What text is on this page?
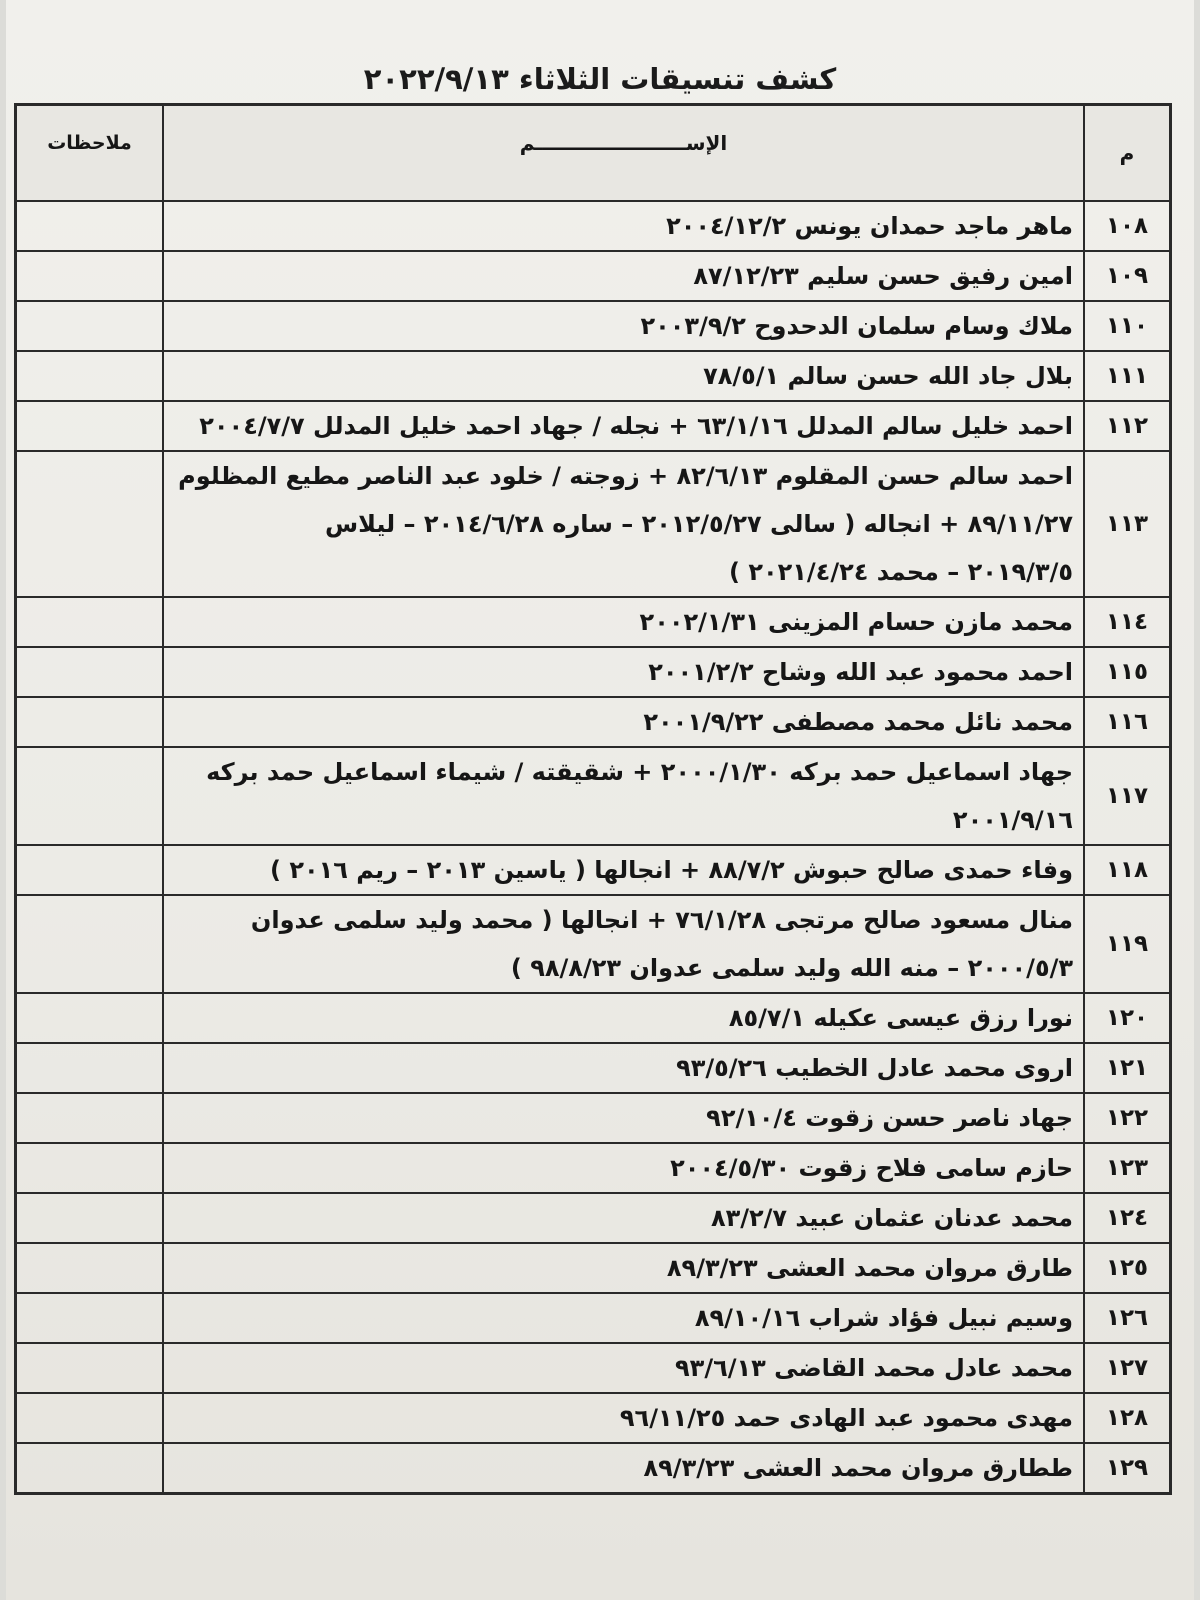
كشف تنسيقات الثلاثاء ٢٠٢٢/٩/١٣
م	الإســــــــــــــــــــــم	ملاحظات
١٠٨	ماهر ماجد حمدان يونس ٢٠٠٤/١٢/٢	

١٠٩	امين رفيق حسن سليم ٨٧/١٢/٢٣	

١١٠	ملاك وسام سلمان الدحدوح ٢٠٠٣/٩/٢	

١١١	بلال جاد الله حسن سالم ٧٨/٥/١	

١١٢	احمد خليل سالم المدلل ٦٣/١/١٦ + نجله / جهاد احمد خليل المدلل ٢٠٠٤/٧/٧	

١١٣	احمد سالم حسن المقلوم ٨٢/٦/١٣ + زوجته / خلود عبد الناصر مطيع المظلوم
٨٩/١١/٢٧ + انجاله ( سالى ٢٠١٢/٥/٢٧ – ساره ٢٠١٤/٦/٢٨ – ليلاس
٢٠١٩/٣/٥ – محمد ٢٠٢١/٤/٢٤ )	

١١٤	محمد مازن حسام المزينى ٢٠٠٢/١/٣١	

١١٥	احمد محمود عبد الله وشاح ٢٠٠١/٢/٢	

١١٦	محمد نائل محمد مصطفى ٢٠٠١/٩/٢٢	

١١٧	جهاد اسماعيل حمد بركه ٢٠٠٠/١/٣٠ + شقيقته / شيماء اسماعيل حمد بركه
٢٠٠١/٩/١٦	

١١٨	وفاء حمدى صالح حبوش ٨٨/٧/٢ + انجالها ( ياسين ٢٠١٣ – ريم ٢٠١٦ )	

١١٩	منال مسعود صالح مرتجى ٧٦/١/٢٨ + انجالها ( محمد وليد سلمى عدوان
٢٠٠٠/٥/٣ – منه الله وليد سلمى عدوان ٩٨/٨/٢٣ )	

١٢٠	نورا رزق عيسى عكيله ٨٥/٧/١	

١٢١	اروى محمد عادل الخطيب ٩٣/٥/٢٦	

١٢٢	جهاد ناصر حسن زقوت ٩٢/١٠/٤	

١٢٣	حازم سامى فلاح زقوت ٢٠٠٤/٥/٣٠	

١٢٤	محمد عدنان عثمان عبيد ٨٣/٢/٧	

١٢٥	طارق مروان محمد العشى ٨٩/٣/٢٣	

١٢٦	وسيم نبيل فؤاد شراب ٨٩/١٠/١٦	

١٢٧	محمد عادل محمد القاضى ٩٣/٦/١٣	

١٢٨	مهدى محمود عبد الهادى حمد ٩٦/١١/٢٥	

١٢٩	ططارق مروان محمد العشى ٨٩/٣/٢٣	
